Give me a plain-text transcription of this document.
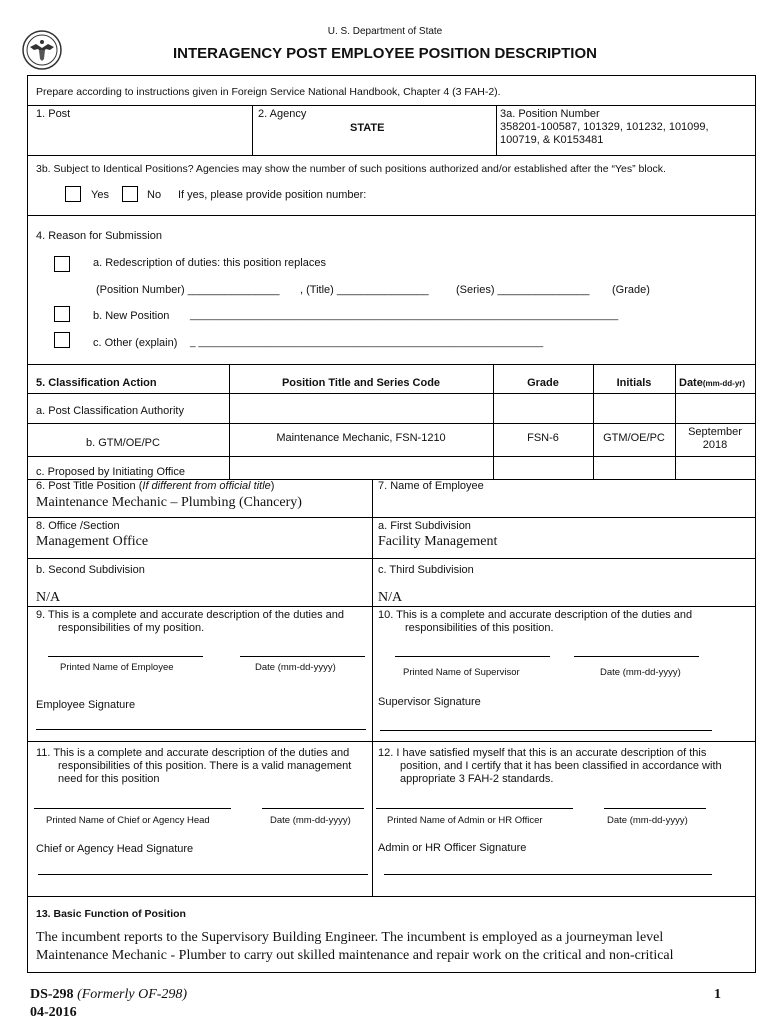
U. S. Department of State
INTERAGENCY POST EMPLOYEE POSITION DESCRIPTION
Prepare according to instructions given in Foreign Service National Handbook, Chapter 4 (3 FAH-2).
1. Post	2. Agency
STATE
3a. Position Number
358201-100587, 101329, 101232, 101099,
100719, & K0153481
3b. Subject to Identical Positions? Agencies may show the number of such positions authorized and/or established after the “Yes” block.
Yes	No If yes, please provide position number:
4. Reason for Submission
a. Redescription of duties: this position replaces
(Position Number) _______________ , (Title) _______________ (Series) _______________ (Grade)
b. New Position _____________________________________________________________________________
c. Other (explain) _ ______________________________________________________________
5. Classification Action	Position Title and Series Code	Grade	Initials	Date(mm-dd-yr)
a. Post Classification Authority
b. GTM/OE/PC	Maintenance Mechanic, FSN-1210	FSN-6	GTM/OE/PC	September
2018
c. Proposed by Initiating Office
6. Post Title Position (If different from official title)
Maintenance Mechanic – Plumbing (Chancery)
7. Name of Employee
8. Office /Section
Management Office
a. First Subdivision
Facility Management
b. Second Subdivision
N/A
c. Third Subdivision
N/A
9. This is a complete and accurate description of the duties and
responsibilities of my position.
Printed Name of Employee	Date (mm-dd-yyyy)
Employee Signature
10. This is a complete and accurate description of the duties and
responsibilities of this position.
Printed Name of Supervisor	Date (mm-dd-yyyy)
Supervisor Signature
11. This is a complete and accurate description of the duties and
responsibilities of this position. There is a valid management
need for this position
Printed Name of Chief or Agency Head	Date (mm-dd-yyyy)
Chief or Agency Head Signature
12. I have satisfied myself that this is an accurate description of this
position, and I certify that it has been classified in accordance with
appropriate 3 FAH-2 standards.
Printed Name of Admin or HR Officer	Date (mm-dd-yyyy)
Admin or HR Officer Signature
13. Basic Function of Position
The incumbent reports to the Supervisory Building Engineer. The incumbent is employed as a journeyman level
Maintenance Mechanic - Plumber to carry out skilled maintenance and repair work on the critical and non-critical
DS-298 (Formerly OF-298)
04-2016
1
